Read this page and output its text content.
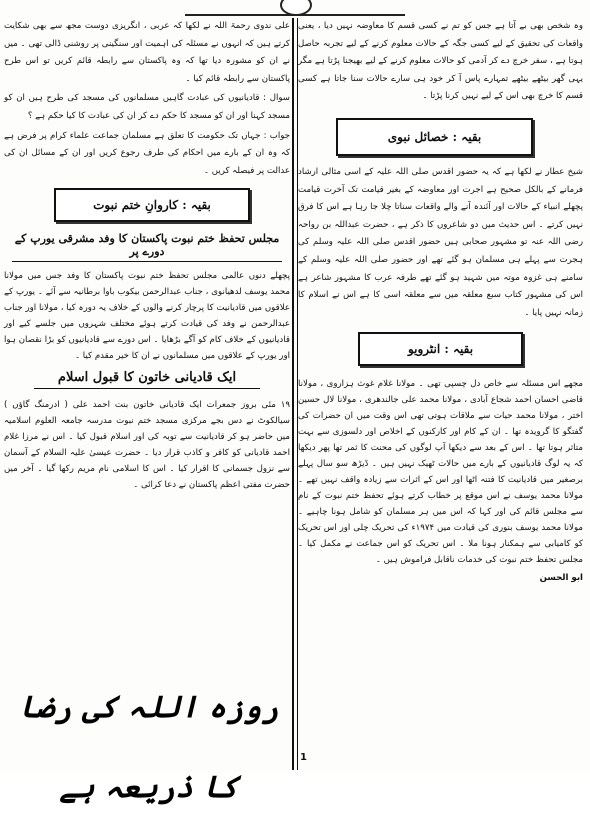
وہ شخص بھی بے آتا ہے جس کو تم نے کسی قسم کا معاوضہ نہیں دیا ، یعنی واقعات کی تحقیق کے لیے کسی جگہ کے حالات معلوم کرنے کے لیے تجربہ حاصل ہوتا ہے ، سفر خرچ دے کر آدمی کو حالات معلوم کرنے کے لیے بھیجنا پڑتا ہے مگر یہی گھر بیٹھے بیٹھے تمہارے پاس آ کر خود ہی سارے حالات سنا جاتا ہے کسی قسم کا خرچ بھی اس کے لیے نہیں کرنا پڑتا ۔

بقیہ : خصائل نبوی

شیخ عطار نے لکھا ہے کہ یہ حضور اقدس صلی اللہ علیہ کے اسی مثالی ارشاد فرمانے کے بالکل صحیح ہے اجرت اور معاوضہ کے بغیر قیامت تک آخرت قیامت پچھلے انبیاء کے حالات اور آئندہ آنے والے واقعات سناتا چلا جا رہا ہے اس کا فرق نہیں کرتے ۔ اس حدیث میں دو شاعروں کا ذکر ہے ، حضرت عبداللہ بن رواحہ رضی اللہ عنہ تو مشہور صحابی ہیں حضور اقدس صلی اللہ علیہ وسلم کی ہجرت سے پہلے ہی مسلمان ہو گئے تھے اور حضور صلی اللہ علیہ وسلم کے سامنے ہی غزوہ موتہ میں شہید ہو گئے تھے طرفہ عرب کا مشہور شاعر ہے اس کی مشہور کتاب سبع معلقہ میں سے معلقہ اسی کا ہے اس نے اسلام کا زمانہ نہیں پایا ۔

بقیہ : انٹرویو

مجھے اس مسئلہ سے خاص دل چسپی تھی ۔ مولانا غلام غوث ہزاروی ، مولانا قاضی احسان احمد شجاع آبادی ، مولانا محمد علی جالندھری ، مولانا لال حسین اختر ، مولانا محمد حیات سے ملاقات ہوتی تھی اس وقت میں ان حضرات کی گفتگو کا گرویدہ تھا ۔ ان کے کام اور کارکنوں کے اخلاص اور دلسوزی سے بہت متاثر ہوتا تھا ۔ اس کے بعد سے دیکھا آپ لوگوں کی محنت کا ثمر تھا پھر دیکھا کہ یہ لوگ قادیانیوں کے بارے میں حالات ٹھیک نہیں ہیں ۔ ڈیڑھ سو سال پہلے برصغیر میں قادیانیت کا فتنہ اٹھا اور اس کے اثرات سے زیادہ واقف نہیں تھے ۔ مولانا محمد یوسف نے اس موقع پر خطاب کرتے ہوئے تحفظ ختم نبوت کے نام سے مجلس قائم کی اور کہا کہ اس میں ہر مسلمان کو شامل ہونا چاہیے ۔ مولانا محمد یوسف بنوری کی قیادت میں ۱۹۷۴ء کی تحریک چلی اور اس تحریک کو کامیابی سے ہمکنار ہونا ملا ۔ اس تحریک کو اس جماعت نے مکمل کیا ۔ مجلس تحفظ ختم نبوت کی خدمات ناقابل فراموش ہیں ۔

ابو الحسن

علی ندوی رحمۃ اللہ نے لکھا کہ عربی ، انگریزی دوست مجھ سے بھی شکایت کرتے ہیں کہ انہوں نے مسئلہ کی اہمیت اور سنگینی پر روشنی ڈالی تھی ۔ میں نے ان کو مشورہ دیا تھا کہ وہ پاکستان سے رابطہ قائم کریں تو اس طرح پاکستان سے رابطہ قائم کیا ۔

سوال : قادیانیوں کی عبادت گاہیں مسلمانوں کی مسجد کی طرح ہیں ان کو مسجد کہنا اور ان کو مسجد کا حکم دے کر ان کی عبادت کا کیا حکم ہے ؟

جواب : جہاں تک حکومت کا تعلق ہے مسلمان جماعت علماء کرام پر فرض ہے کہ وہ ان کے بارے میں احکام کی طرف رجوع کریں اور ان کے مسائل ان کی عدالت پر فیصلہ کریں ۔

بقیہ : کاروانِ ختم نبوت
مجلس تحفظ ختم نبوت پاکستان کا وفد مشرقی یورپ کے دورے پر

پچھلے دنوں عالمی مجلس تحفظ ختم نبوت پاکستان کا وفد جس میں مولانا محمد یوسف لدھیانوی ، جناب عبدالرحمن بیکوب باوا برطانیہ سے آئے ۔ یورپ کے علاقوں میں قادیانیت کا پرچار کرنے والوں کے خلاف یہ دورہ کیا ، مولانا اور جناب عبدالرحمن نے وفد کی قیادت کرتے ہوئے مختلف شہروں میں جلسے کیے اور قادیانیوں کے خلاف کام کو آگے بڑھایا ۔ اس دورے سے قادیانیوں کو بڑا نقصان ہوا اور یورپ کے علاقوں میں مسلمانوں نے ان کا خیر مقدم کیا ۔

ایک قادیانی خاتون کا قبول اسلام

۱۹ مئی بروز جمعرات ایک قادیانی خاتون بنت احمد علی ( ادرمنگ گاؤں ) سیالکوٹ نے دس بجے مرکزی مسجد ختم نبوت مدرسہ جامعہ العلوم اسلامیہ میں حاضر ہو کر قادیانیت سے توبہ کی اور اسلام قبول کیا ۔ اس نے مرزا غلام احمد قادیانی کو کافر و کاذب قرار دیا ۔ حضرت عیسیٰ علیہ السلام کے آسمان سے نزول جسمانی کا اقرار کیا ۔ اس کا اسلامی نام مریم رکھا گیا ۔ آخر میں حضرت مفتی اعظم پاکستان نے دعا کرائی ۔

روزہ اللہ کی رضا کا ذریعہ ہے
1
